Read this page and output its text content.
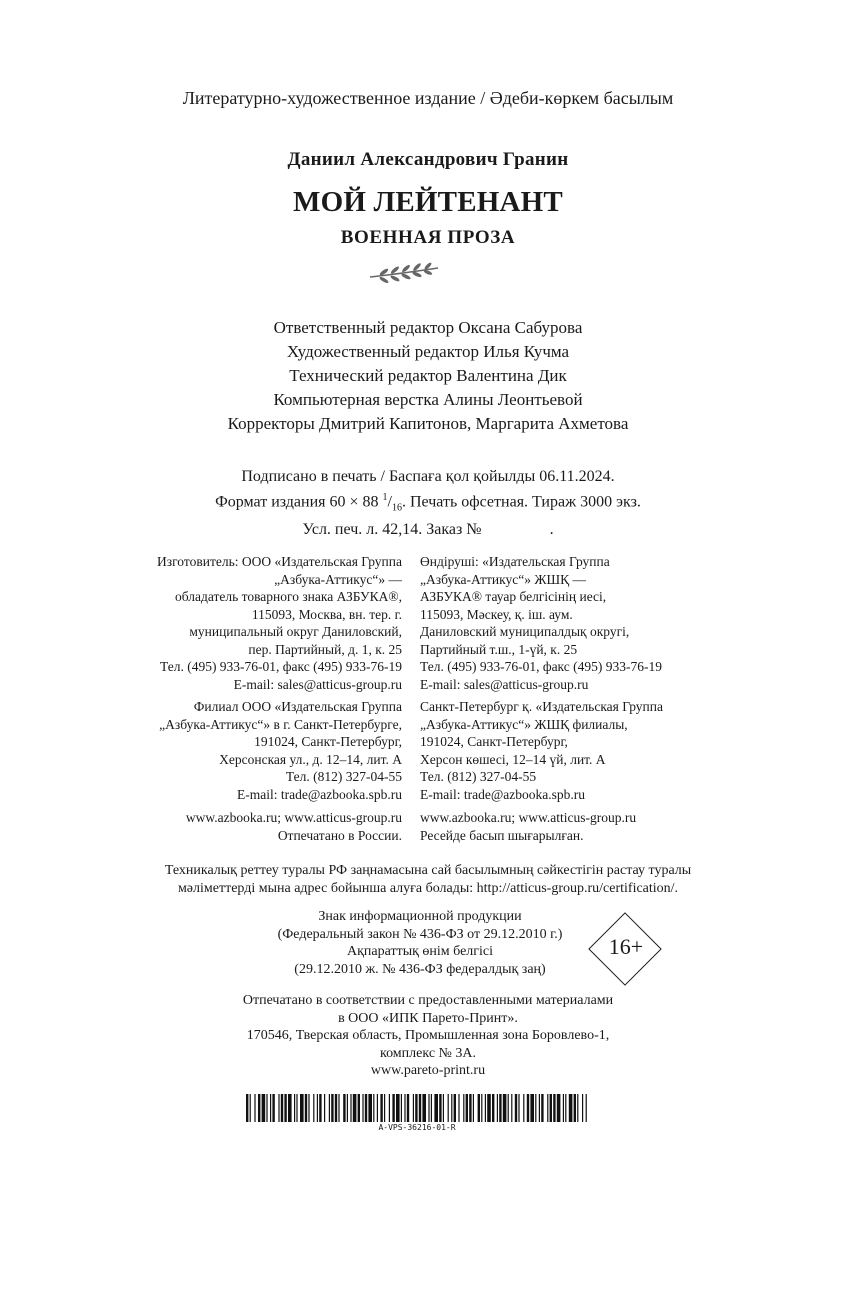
Литературно-художественное издание / Әдеби-көркем басылым
Даниил Александрович Гранин
МОЙ ЛЕЙТЕНАНТ
ВОЕННАЯ ПРОЗА
Ответственный редактор Оксана Сабурова
Художественный редактор Илья Кучма
Технический редактор Валентина Дик
Компьютерная верстка Алины Леонтьевой
Корректоры Дмитрий Капитонов, Маргарита Ахметова
Подписано в печать / Баспаға қол қойылды 06.11.2024.
Формат издания 60 × 88 $^1/_{16}$. Печать офсетная. Тираж 3000 экз.
Усл. печ. л. 42,14. Заказ №	.
Изготовитель: ООО «Издательская Группа
„Азбука-Аттикус“» —
обладатель товарного знака АЗБУКА®,
115093, Москва, вн. тер. г.
муниципальный округ Даниловский,
пер. Партийный, д. 1, к. 25
Тел. (495) 933-76-01, факс (495) 933-76-19
E-mail: sales@atticus-group.ru
Өндіруші: «Издательская Группа
„Азбука-Аттикус“» ЖШҚ —
АЗБУКА® тауар белгісінің иесі,
115093, Мәскеу, қ. іш. аум.
Даниловский муниципалдық округі,
Партийный т.ш., 1-үй, к. 25
Тел. (495) 933-76-01, факс (495) 933-76-19
E-mail: sales@atticus-group.ru
Филиал ООО «Издательская Группа
„Азбука-Аттикус“» в г. Санкт-Петербурге,
191024, Санкт-Петербург,
Херсонская ул., д. 12–14, лит. А
Тел. (812) 327-04-55
E-mail: trade@azbooka.spb.ru
Санкт-Петербург қ. «Издательская Группа
„Азбука-Аттикус“» ЖШҚ филиалы,
191024, Санкт-Петербург,
Херсон көшесі, 12–14 үй, лит. А
Тел. (812) 327-04-55
E-mail: trade@azbooka.spb.ru
www.azbooka.ru; www.atticus-group.ru
Отпечатано в России.
www.azbooka.ru; www.atticus-group.ru
Ресейде басып шығарылған.
Техникалық реттеу туралы РФ заңнамасына сай басылымның сәйкестігін растау туралы
мәліметтерді мына адрес бойынша алуға болады: http://atticus-group.ru/certification/.
Знак информационной продукции
(Федеральный закон № 436-ФЗ от 29.12.2010 г.)
Ақпараттық өнім белгісі
(29.12.2010 ж. № 436-ФЗ федералдық заң)
16+
Отпечатано в соответствии с предоставленными материалами
в ООО «ИПК Парето-Принт».
170546, Тверская область, Промышленная зона Боровлево-1,
комплекс № 3А.
www.pareto-print.ru
A-VPS-36216-01-R
